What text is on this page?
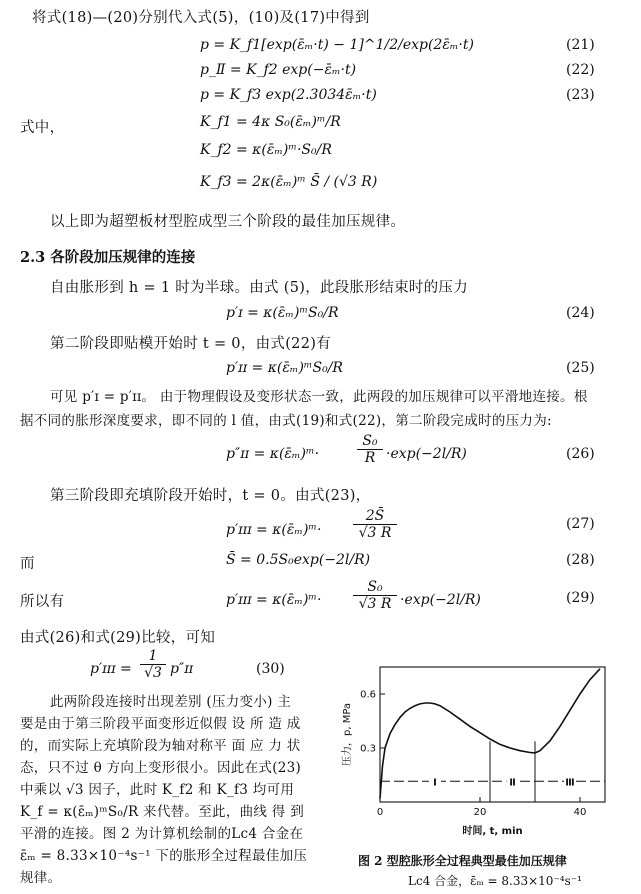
将式(18)—(20)分别代入式(5)，(10)及(17)中得到
p = K_f1[exp(ε̄ₘ·t) − 1]^1/2/exp(2ε̄ₘ·t)	(21)
p_Ⅱ = K_f2 exp(−ε̄ₘ·t)	(22)
p = K_f3 exp(2.3034ε̄ₘ·t)	(23)
式中，	K_f1 = 4κ S₀(ε̄ₘ)ᵐ/R
K_f2 = κ(ε̄ₘ)ᵐ·S₀/R
K_f3 = 2κ(ε̄ₘ)ᵐ S̄ / (√3 R)
以上即为超塑板材型腔成型三个阶段的最佳加压规律。
2.3 各阶段加压规律的连接
自由胀形到 h = 1 时为半球。由式 (5)，此段胀形结束时的压力
p′ɪ = κ(ε̄ₘ)ᵐS₀/R	(24)
第二阶段即贴模开始时 t = 0，由式(22)有
p′ɪɪ = κ(ε̄ₘ)ᵐS₀/R	(25)
可见 p′ɪ = p′ɪɪ。 由于物理假设及变形状态一致，此两段的加压规律可以平滑地连接。根
据不同的胀形深度要求，即不同的 l 值，由式(19)和式(22)，第二阶段完成时的压力为:
p″ɪɪ = κ(ε̄ₘ)ᵐ·	$\frac{\text{S₀}}{R} \cdot\exp(-2l/R)$	(26)
第三阶段即充填阶段开始时，t = 0。由式(23)，
p′ɪɪɪ = κ(ε̄ₘ)ᵐ· $\frac{2S̄}{√3 R}$	(27)
而	S̄ = 0.5S₀exp(−2l/R)	(28)
所以有	p′ɪɪɪ = κ(ε̄ₘ)ᵐ· $\frac{\text{S₀}}{√3 R} \cdot\exp(-2l/R)$	(29)
由式(26)和式(29)比较，可知
p′ɪɪɪ = $\frac{1}{√3}$ p″ɪɪ	(30)
此两阶段连接时出现差别 (压力变小) 主
要是由于第三阶段平面变形近似假 设 所 造 成
的，而实际上充填阶段为轴对称平 面 应 力 状
态，只不过 θ 方向上变形很小。因此在式(23)
中乘以 √3 因子，此时 K_f2 和 K_f3 均可用
K_f = κ(ε̄ₘ)ᵐS₀/R 来代替。至此，曲线 得 到
平滑的连接。图 2 为计算机绘制的Lc4 合金在
ε̄ₘ = 8.33×10⁻⁴s⁻¹ 下的胀形全过程最佳加压
规律。
0	20	40
0.3
0.6
I	Ⅱ	Ⅲ
压力，p, MPa
时间, t, min
图 2 型腔胀形全过程典型最佳加压规律
Lc4 合金，ε̄ₘ = 8.33×10⁻⁴s⁻¹
